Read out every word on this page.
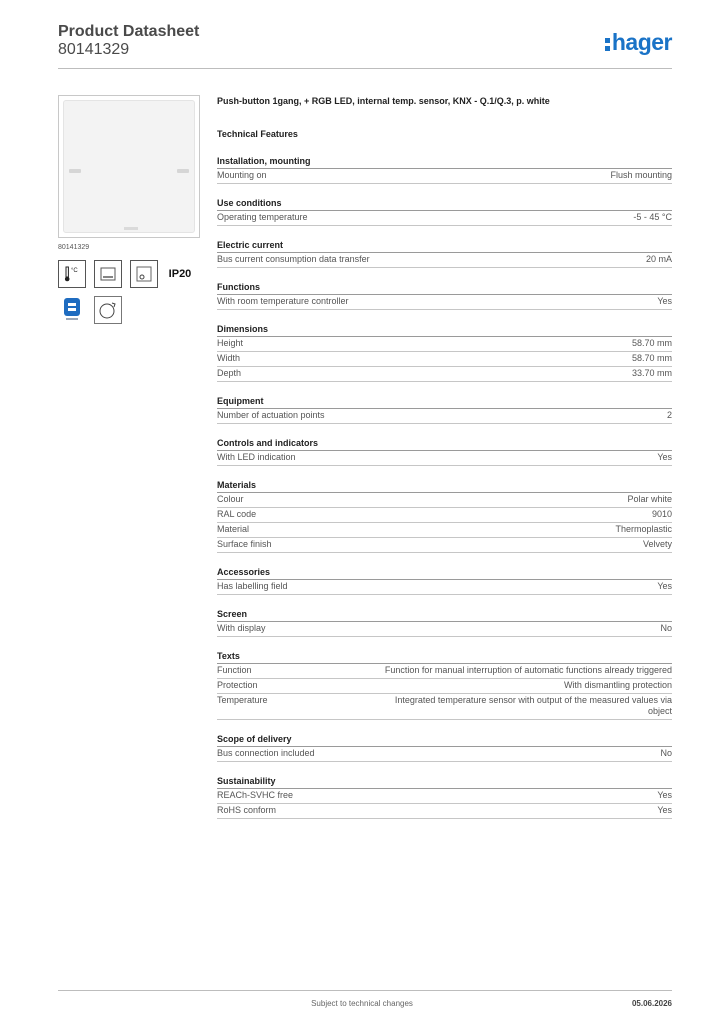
Product Datasheet
80141329	hager
80141329
°C	IP20
Push-button 1gang, + RGB LED, internal temp. sensor, KNX - Q.1/Q.3, p. white
Technical Features
Installation, mounting
Mounting on	Flush mounting
Use conditions
Operating temperature	-5 - 45 °C
Electric current
Bus current consumption data transfer	20 mA
Functions
With room temperature controller	Yes
Dimensions
Height	58.70 mm
Width	58.70 mm
Depth	33.70 mm
Equipment
Number of actuation points	2
Controls and indicators
With LED indication	Yes
Materials
Colour	Polar white
RAL code	9010
Material	Thermoplastic
Surface finish	Velvety
Accessories
Has labelling field	Yes
Screen
With display	No
Texts
Function	Function for manual interruption of automatic functions already triggered
Protection	With dismantling protection
Temperature	Integrated temperature sensor with output of the measured values via object
Scope of delivery
Bus connection included	No
Sustainability
REACh-SVHC free	Yes
RoHS conform	Yes
Subject to technical changes	05.06.2026
